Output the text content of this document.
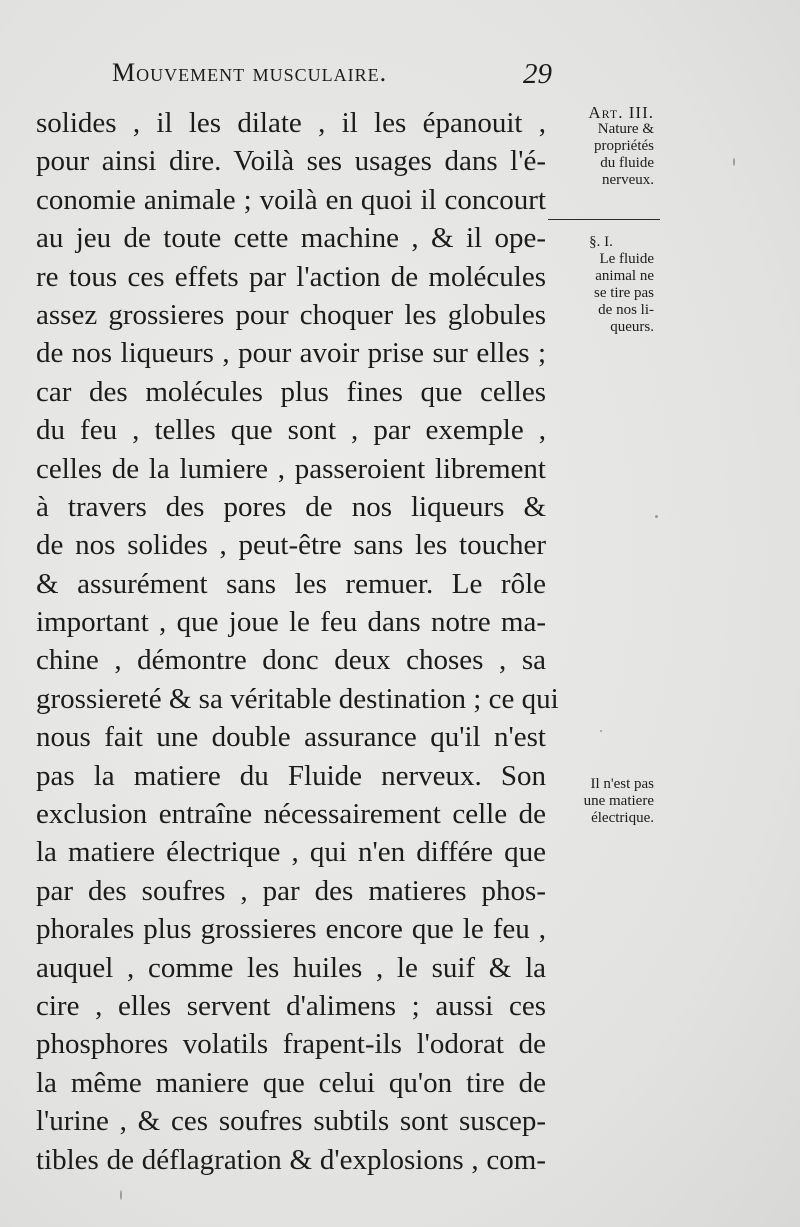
Mouvement musculaire.	29
solides , il les dilate , il les épanouit ,
pour ainsi dire. Voilà ses usages dans l'é-
conomie animale ; voilà en quoi il concourt
au jeu de toute cette machine , & il ope-
re tous ces effets par l'action de molécules
assez grossieres pour choquer les globules
de nos liqueurs , pour avoir prise sur elles ;
car des molécules plus fines que celles
du feu , telles que sont , par exemple ,
celles de la lumiere , passeroient librement
à travers des pores de nos liqueurs &
de nos solides , peut-être sans les toucher
& assurément sans les remuer. Le rôle
important , que joue le feu dans notre ma-
chine , démontre donc deux choses , sa
grossiereté & sa véritable destination ; ce qui
nous fait une double assurance qu'il n'est
pas la matiere du Fluide nerveux. Son
exclusion entraîne nécessairement celle de
la matiere électrique , qui n'en différe que
par des soufres , par des matieres phos-
phorales plus grossieres encore que le feu ,
auquel , comme les huiles , le suif & la
cire , elles servent d'alimens ; aussi ces
phosphores volatils frapent-ils l'odorat de
la même maniere que celui qu'on tire de
l'urine , & ces soufres subtils sont suscep-
tibles de déflagration & d'explosions , com-
Art. III.
Nature &
propriétés
du fluide
nerveux.
§. I.
Le fluide
animal ne
se tire pas
de nos li-
queurs.
Il n'est pas
une matiere
électrique.
